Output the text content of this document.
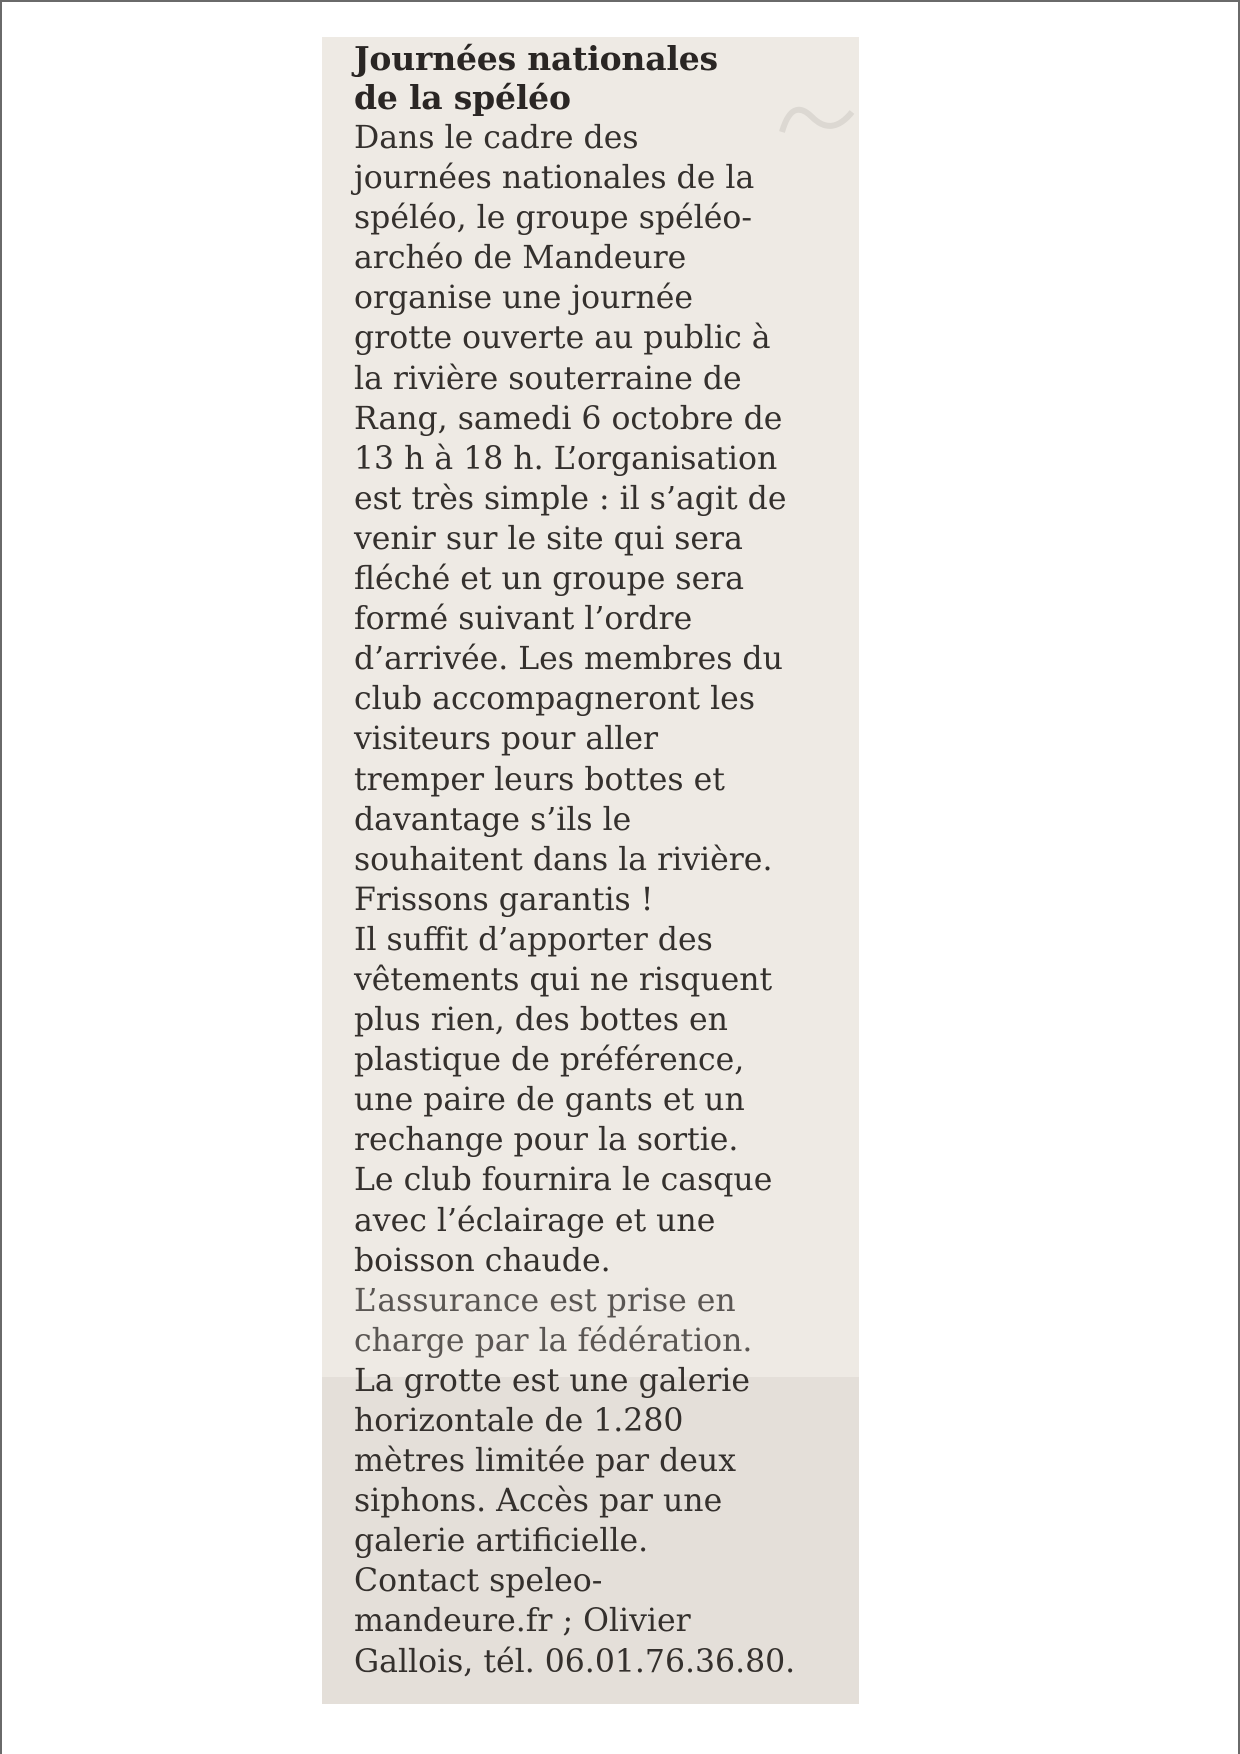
Journées nationales
de la spéléo
Dans le cadre des
journées nationales de la
spéléo, le groupe spéléo-
archéo de Mandeure
organise une journée
grotte ouverte au public à
la rivière souterraine de
Rang, samedi 6 octobre de
13 h à 18 h. L’organisation
est très simple : il s’agit de
venir sur le site qui sera
fléché et un groupe sera
formé suivant l’ordre
d’arrivée. Les membres du
club accompagneront les
visiteurs pour aller
tremper leurs bottes et
davantage s’ils le
souhaitent dans la rivière.
Frissons garantis !
Il suffit d’apporter des
vêtements qui ne risquent
plus rien, des bottes en
plastique de préférence,
une paire de gants et un
rechange pour la sortie.
Le club fournira le casque
avec l’éclairage et une
boisson chaude.
L’assurance est prise en
charge par la fédération.
La grotte est une galerie
horizontale de 1.280
mètres limitée par deux
siphons. Accès par une
galerie artificielle.
Contact speleo-
mandeure.fr ; Olivier
Gallois, tél. 06.01.76.36.80.
